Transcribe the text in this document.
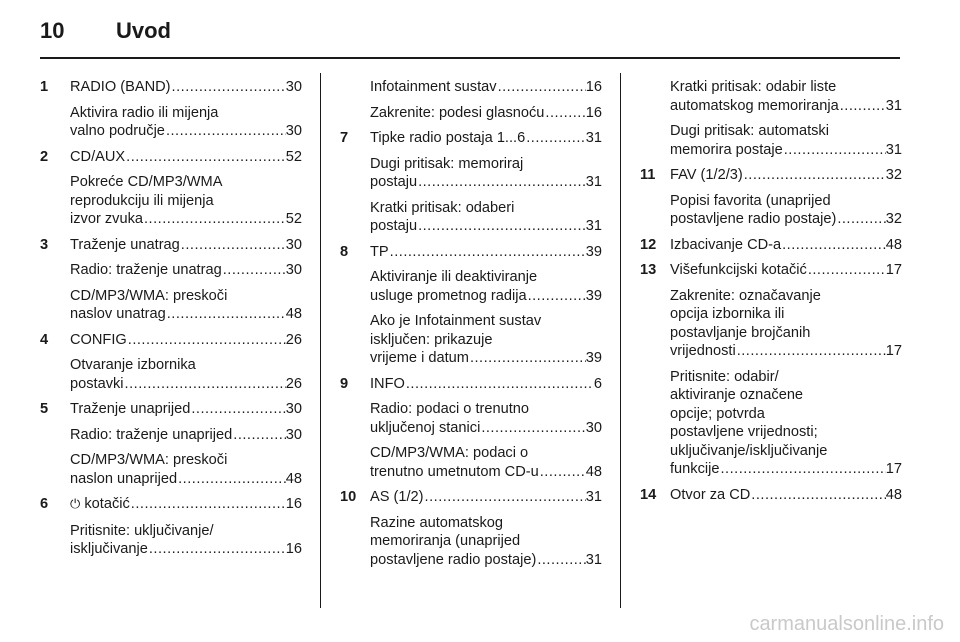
10 Uvod
1 RADIO (BAND) .....	30
Aktivira radio ili mijenja
valno područje .....	30
2 CD/AUX .....	52
Pokreće CD/MP3/WMA
reprodukciju ili mijenja
izvor zvuka .....	52
3 Traženje unatrag .....	30
Radio: traženje unatrag .....	30
CD/MP3/WMA: preskoči
naslov unatrag .....	48
4 CONFIG .....	26
Otvaranje izbornika
postavki .....	26
5 Traženje unaprijed .....	30
Radio: traženje unaprijed .....	30
CD/MP3/WMA: preskoči
naslon unaprijed .....	48
6 ⏻ kotačić .....	16
Pritisnite: uključivanje/
isključivanje .....	16
Infotainment sustav .....	16
Zakrenite: podesi glasnoću .....	16
7 Tipke radio postaja 1...6 .....	31
Dugi pritisak: memoriraj
postaju .....	31
Kratki pritisak: odaberi
postaju .....	31
8 TP .....	39
Aktiviranje ili deaktiviranje
usluge prometnog radija .....	39
Ako je Infotainment sustav
isključen: prikazuje
vrijeme i datum .....	39
9 INFO .....	6
Radio: podaci o trenutno
uključenoj stanici .....	30
CD/MP3/WMA: podaci o
trenutno umetnutom CD-u .....	48
10 AS (1/2) .....	31
Razine automatskog
memoriranja (unaprijed
postavljene radio postaje) .....	31
Kratki pritisak: odabir liste
automatskog memoriranja .....	31
Dugi pritisak: automatski
memorira postaje .....	31
11 FAV (1/2/3) .....	32
Popisi favorita (unaprijed
postavljene radio postaje) .....	32
12 Izbacivanje CD-a .....	48
13 Višefunkcijski kotačić .....	17
Zakrenite: označavanje
opcija izbornika ili
postavljanje brojčanih
vrijednosti .....	17
Pritisnite: odabir/
aktiviranje označene
opcije; potvrda
postavljene vrijednosti;
uključivanje/isključivanje
funkcije .....	17
14 Otvor za CD .....	48
carmanualsonline.info
